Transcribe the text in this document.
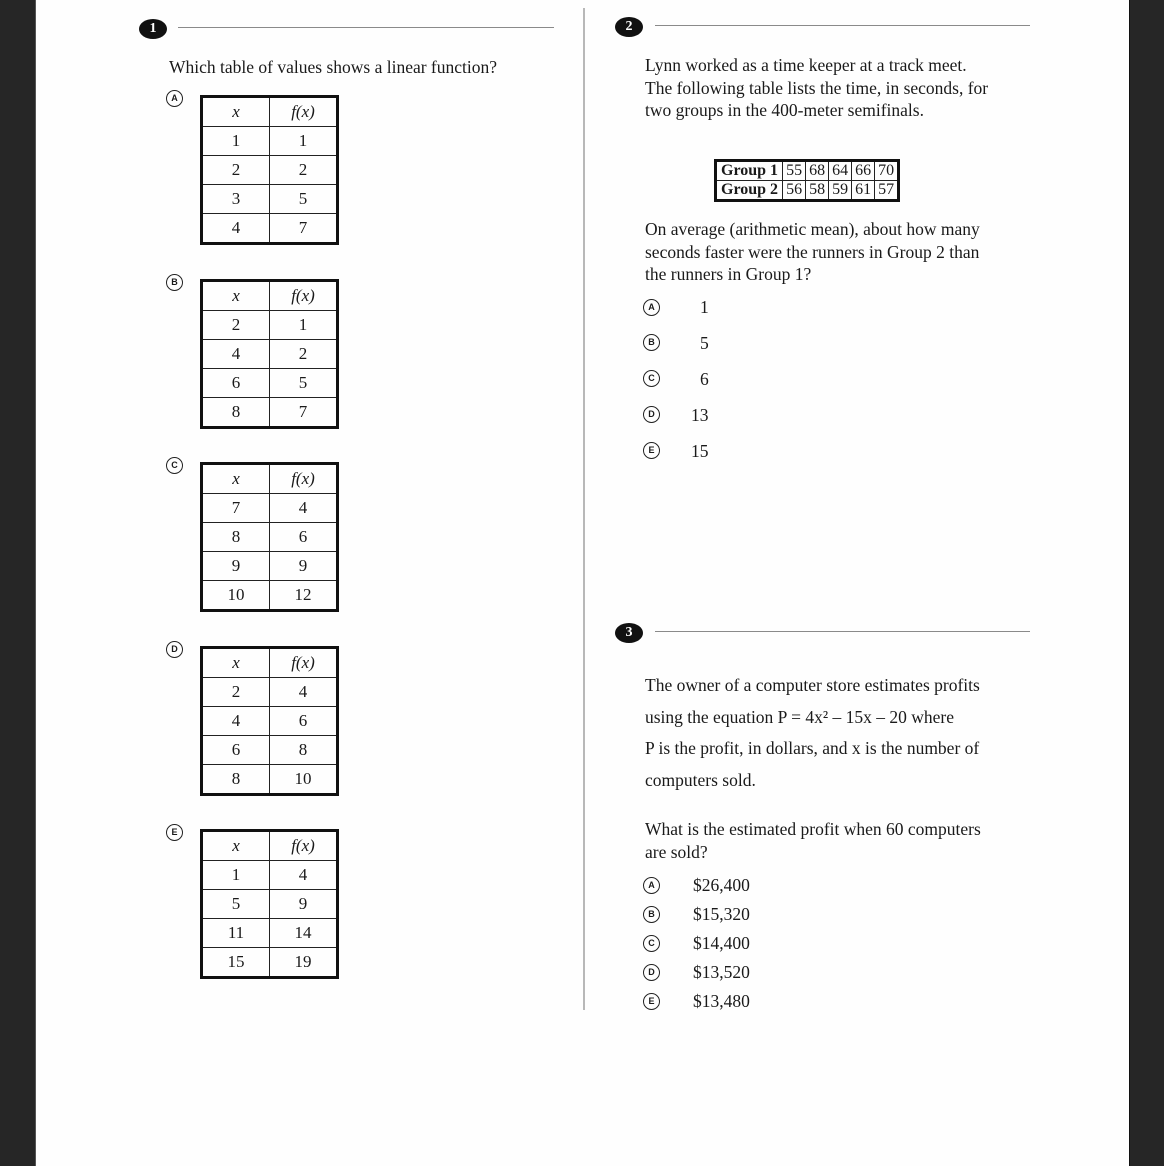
1
Which table of values shows a linear function?
A
x	f(x)
1	1
2	2
3	5
4	7
B
x	f(x)
2	1
4	2
6	5
8	7
C
x	f(x)
7	4
8	6
9	9
10	12
D
x	f(x)
2	4
4	6
6	8
8	10
E
x	f(x)
1	4
5	9
11	14
15	19
2
Lynn worked as a time keeper at a track meet.
The following table lists the time, in seconds, for
two groups in the 400-meter semifinals.
Group 1	55	68	64	66	70
Group 2	56	58	59	61	57
On average (arithmetic mean), about how many
seconds faster were the runners in Group 2 than
the runners in Group 1?
A	1
B	5
C	6
D	13
E	15
3
The owner of a computer store estimates profits
using the equation P = 4x² – 15x – 20 where
P is the profit, in dollars, and x is the number of
computers sold.
What is the estimated profit when 60 computers
are sold?
A	$26,400
B	$15,320
C	$14,400
D	$13,520
E	$13,480
